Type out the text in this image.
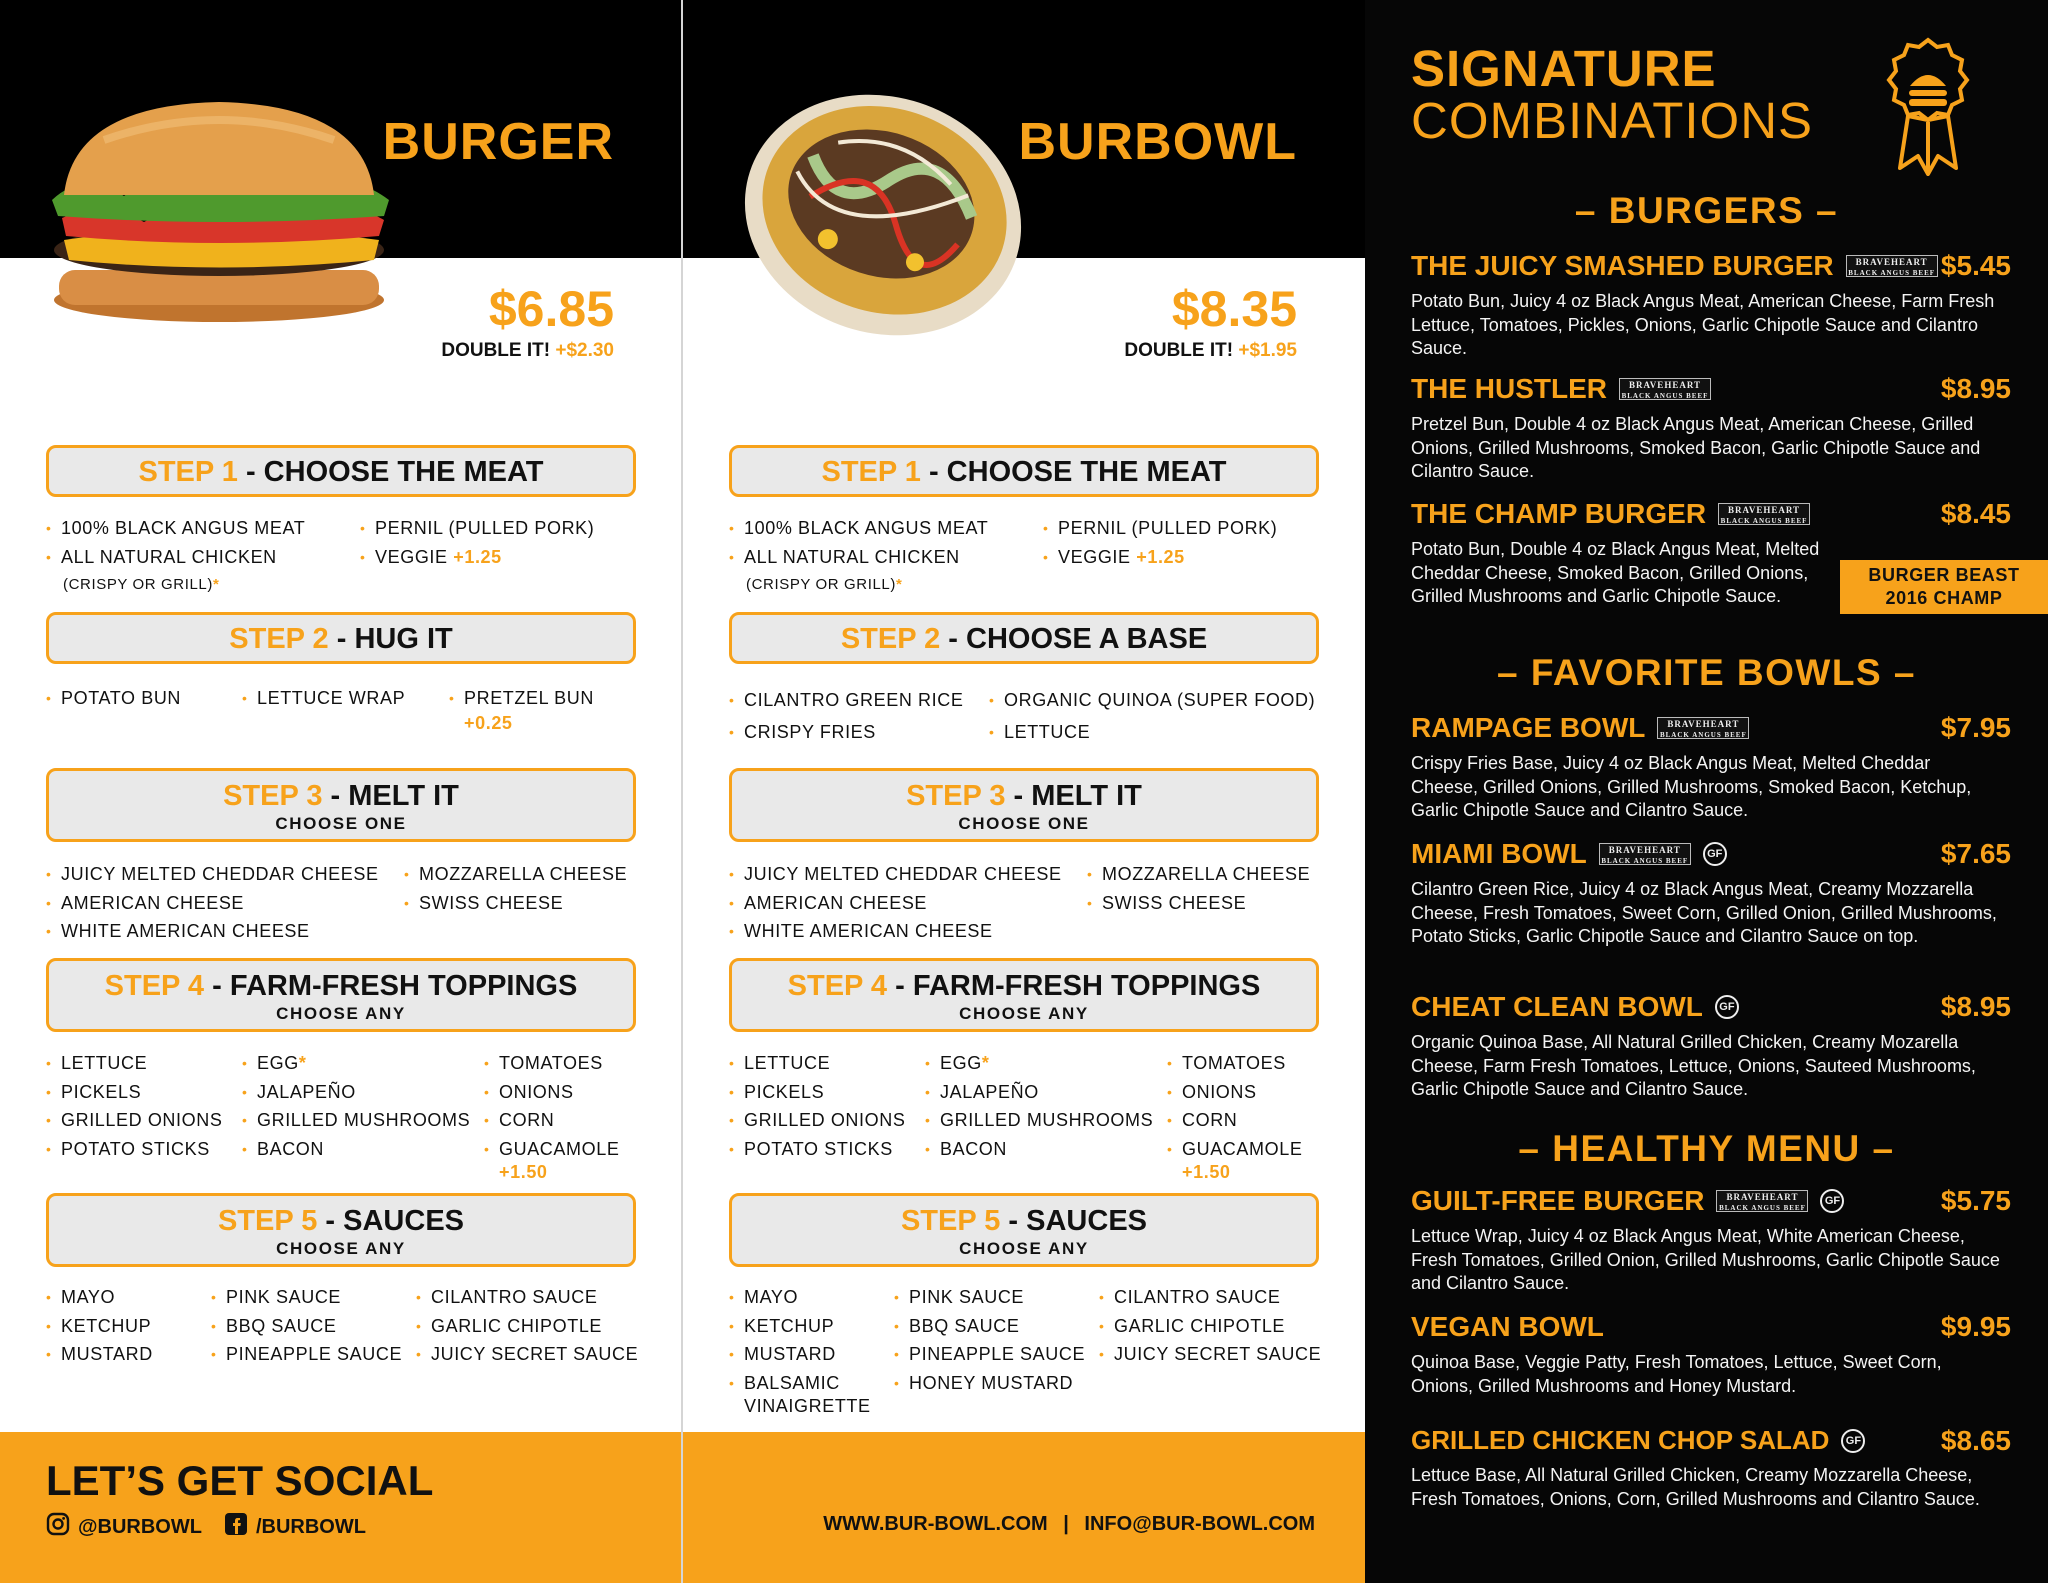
BURGER
$6.85
DOUBLE IT! +$2.30
STEP 1 - CHOOSE THE MEAT
• 100% BLACK ANGUS MEAT
• ALL NATURAL CHICKEN
(CRISPY OR GRILL)*
• PERNIL (PULLED PORK)
• VEGGIE +1.25
STEP 2 - HUG IT
• POTATO BUN	• LETTUCE WRAP	• PRETZEL BUN
+0.25
STEP 3 - MELT IT
CHOOSE ONE
• JUICY MELTED CHEDDAR CHEESE
• AMERICAN CHEESE
• WHITE AMERICAN CHEESE
• MOZZARELLA CHEESE
• SWISS CHEESE
STEP 4 - FARM-FRESH TOPPINGS
CHOOSE ANY
• LETTUCE
• PICKELS
• GRILLED ONIONS
• POTATO STICKS
• EGG*
• JALAPEÑO
• GRILLED MUSHROOMS
• BACON
• TOMATOES
• ONIONS
• CORN
• GUACAMOLE
+1.50
STEP 5 - SAUCES
CHOOSE ANY
• MAYO
• KETCHUP
• MUSTARD
• PINK SAUCE
• BBQ SAUCE
• PINEAPPLE SAUCE
• CILANTRO SAUCE
• GARLIC CHIPOTLE
• JUICY SECRET SAUCE
LET’S GET SOCIAL
@BURBOWL	/BURBOWL
BURBOWL
$8.35
DOUBLE IT! +$1.95
STEP 1 - CHOOSE THE MEAT
• 100% BLACK ANGUS MEAT
• ALL NATURAL CHICKEN
(CRISPY OR GRILL)*
• PERNIL (PULLED PORK)
• VEGGIE +1.25
STEP 2 - CHOOSE A BASE
• CILANTRO GREEN RICE
• CRISPY FRIES
• ORGANIC QUINOA (SUPER FOOD)
• LETTUCE
STEP 3 - MELT IT
CHOOSE ONE
• JUICY MELTED CHEDDAR CHEESE
• AMERICAN CHEESE
• WHITE AMERICAN CHEESE
• MOZZARELLA CHEESE
• SWISS CHEESE
STEP 4 - FARM-FRESH TOPPINGS
CHOOSE ANY
• LETTUCE
• PICKELS
• GRILLED ONIONS
• POTATO STICKS
• EGG*
• JALAPEÑO
• GRILLED MUSHROOMS
• BACON
• TOMATOES
• ONIONS
• CORN
• GUACAMOLE
+1.50
STEP 5 - SAUCES
CHOOSE ANY
• MAYO
• KETCHUP
• MUSTARD
• BALSAMIC
VINAIGRETTE
• PINK SAUCE
• BBQ SAUCE
• PINEAPPLE SAUCE
• HONEY MUSTARD
• CILANTRO SAUCE
• GARLIC CHIPOTLE
• JUICY SECRET SAUCE
WWW.BUR-BOWL.COM | INFO@BUR-BOWL.COM
SIGNATURE
COMBINATIONS
– BURGERS –
THE JUICY SMASHED BURGER	BRAVEHEART
BLACK ANGUS BEEF $5.45
Potato Bun, Juicy 4 oz Black Angus Meat, American Cheese, Farm Fresh Lettuce, Tomatoes, Pickles, Onions, Garlic Chipotle Sauce and Cilantro Sauce.
THE HUSTLER	BRAVEHEART
BLACK ANGUS BEEF	$8.95
Pretzel Bun, Double 4 oz Black Angus Meat, American Cheese, Grilled Onions, Grilled Mushrooms, Smoked Bacon, Garlic Chipotle Sauce and Cilantro Sauce.
THE CHAMP BURGER	BRAVEHEART
BLACK ANGUS BEEF	$8.45
Potato Bun, Double 4 oz Black Angus Meat, Melted Cheddar Cheese, Smoked Bacon, Grilled Onions, Grilled Mushrooms and Garlic Chipotle Sauce.
BURGER BEAST
2016 CHAMP
– FAVORITE BOWLS –
RAMPAGE BOWL	BRAVEHEART
BLACK ANGUS BEEF	$7.95
Crispy Fries Base, Juicy 4 oz Black Angus Meat, Melted Cheddar Cheese, Grilled Onions, Grilled Mushrooms, Smoked Bacon, Ketchup, Garlic Chipotle Sauce and Cilantro Sauce.
MIAMI BOWL	BRAVEHEART
BLACK ANGUS BEEF
GF	$7.65
Cilantro Green Rice, Juicy 4 oz Black Angus Meat, Creamy Mozzarella Cheese, Fresh Tomatoes, Sweet Corn, Grilled Onion, Grilled Mushrooms, Potato Sticks, Garlic Chipotle Sauce and Cilantro Sauce on top.
CHEAT CLEAN BOWL	GF	$8.95
Organic Quinoa Base, All Natural Grilled Chicken, Creamy Mozarella Cheese, Farm Fresh Tomatoes, Lettuce, Onions, Sauteed Mushrooms, Garlic Chipotle Sauce and Cilantro Sauce.
– HEALTHY MENU –
GUILT-FREE BURGER	BRAVEHEART
BLACK ANGUS BEEF
GF	$5.75
Lettuce Wrap, Juicy 4 oz Black Angus Meat, White American Cheese, Fresh Tomatoes, Grilled Onion, Grilled Mushrooms, Garlic Chipotle Sauce and Cilantro Sauce.
VEGAN BOWL	$9.95
Quinoa Base, Veggie Patty, Fresh Tomatoes, Lettuce, Sweet Corn, Onions, Grilled Mushrooms and Honey Mustard.
GRILLED CHICKEN CHOP SALAD	GF	$8.65
Lettuce Base, All Natural Grilled Chicken, Creamy Mozzarella Cheese, Fresh Tomatoes, Onions, Corn, Grilled Mushrooms and Cilantro Sauce.
